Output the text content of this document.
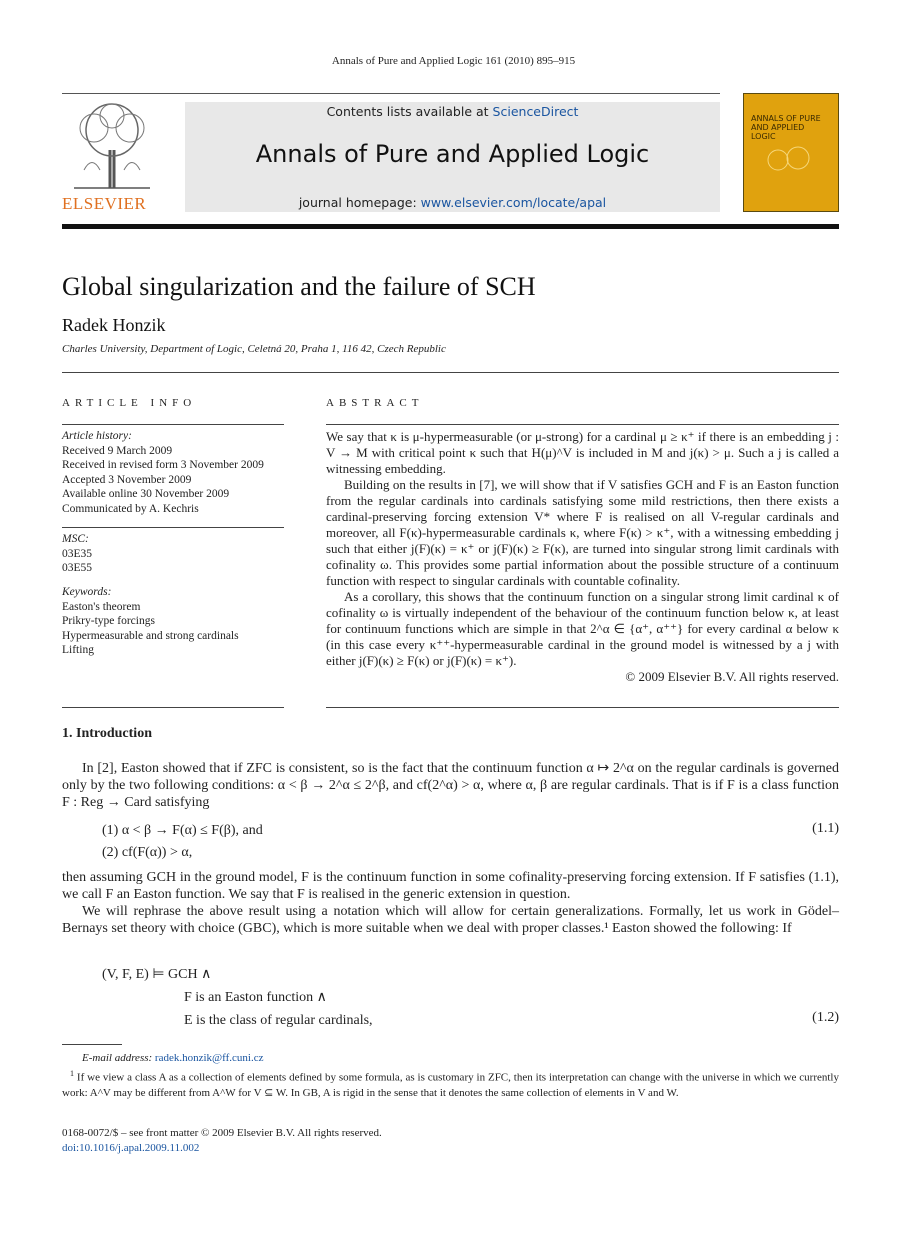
Annals of Pure and Applied Logic 161 (2010) 895–915
ELSEVIER
Contents lists available at ScienceDirect
Annals of Pure and Applied Logic
journal homepage: www.elsevier.com/locate/apal
ANNALS OF PURE AND APPLIED LOGIC
Global singularization and the failure of SCH
Radek Honzik
Charles University, Department of Logic, Celetná 20, Praha 1, 116 42, Czech Republic
ARTICLE INFO
Article history:
Received 9 March 2009
Received in revised form 3 November 2009
Accepted 3 November 2009
Available online 30 November 2009
Communicated by A. Kechris
MSC:
03E35
03E55
Keywords:
Easton's theorem
Prikry-type forcings
Hypermeasurable and strong cardinals
Lifting
ABSTRACT

We say that κ is μ-hypermeasurable (or μ-strong) for a cardinal μ ≥ κ⁺ if there is an embedding j : V → M with critical point κ such that H(μ)^V is included in M and j(κ) > μ. Such a j is called a witnessing embedding.

Building on the results in [7], we will show that if V satisfies GCH and F is an Easton function from the regular cardinals into cardinals satisfying some mild restrictions, then there exists a cardinal-preserving forcing extension V* where F is realised on all V-regular cardinals and moreover, all F(κ)-hypermeasurable cardinals κ, where F(κ) > κ⁺, with a witnessing embedding j such that either j(F)(κ) = κ⁺ or j(F)(κ) ≥ F(κ), are turned into singular strong limit cardinals with cofinality ω. This provides some partial information about the possible structure of a continuum function with respect to singular cardinals with countable cofinality.

As a corollary, this shows that the continuum function on a singular strong limit cardinal κ of cofinality ω is virtually independent of the behaviour of the continuum function below κ, at least for continuum functions which are simple in that 2^α ∈ {α⁺, α⁺⁺} for every cardinal α below κ (in this case every κ⁺⁺-hypermeasurable cardinal in the ground model is witnessed by a j with either j(F)(κ) ≥ F(κ) or j(F)(κ) = κ⁺).

© 2009 Elsevier B.V. All rights reserved.
1. Introduction

In [2], Easton showed that if ZFC is consistent, so is the fact that the continuum function α ↦ 2^α on the regular cardinals is governed only by the two following conditions: α < β → 2^α ≤ 2^β, and cf(2^α) > α, where α, β are regular cardinals. That is if F is a class function F : Reg → Card satisfying

(1) α < β → F(α) ≤ F(β), and
(2) cf(F(α)) > α,
(1.1)

then assuming GCH in the ground model, F is the continuum function in some cofinality-preserving forcing extension. If F satisfies (1.1), we call F an Easton function. We say that F is realised in the generic extension in question.

We will rephrase the above result using a notation which will allow for certain generalizations. Formally, let us work in Gödel–Bernays set theory with choice (GBC), which is more suitable when we deal with proper classes.¹ Easton showed the following: If

(V, F, E) ⊨ GCH ∧
F is an Easton function ∧
E is the class of regular cardinals,	(1.2)
E-mail address: radek.honzik@ff.cuni.cz
$^1$ If we view a class A as a collection of elements defined by some formula, as is customary in ZFC, then its interpretation can change with the universe in which we currently work: A^V may be different from A^W for V ⊆ W. In GB, A is rigid in the sense that it denotes the same collection of elements in V and W.
0168-0072/$ – see front matter © 2009 Elsevier B.V. All rights reserved.
doi:10.1016/j.apal.2009.11.002
